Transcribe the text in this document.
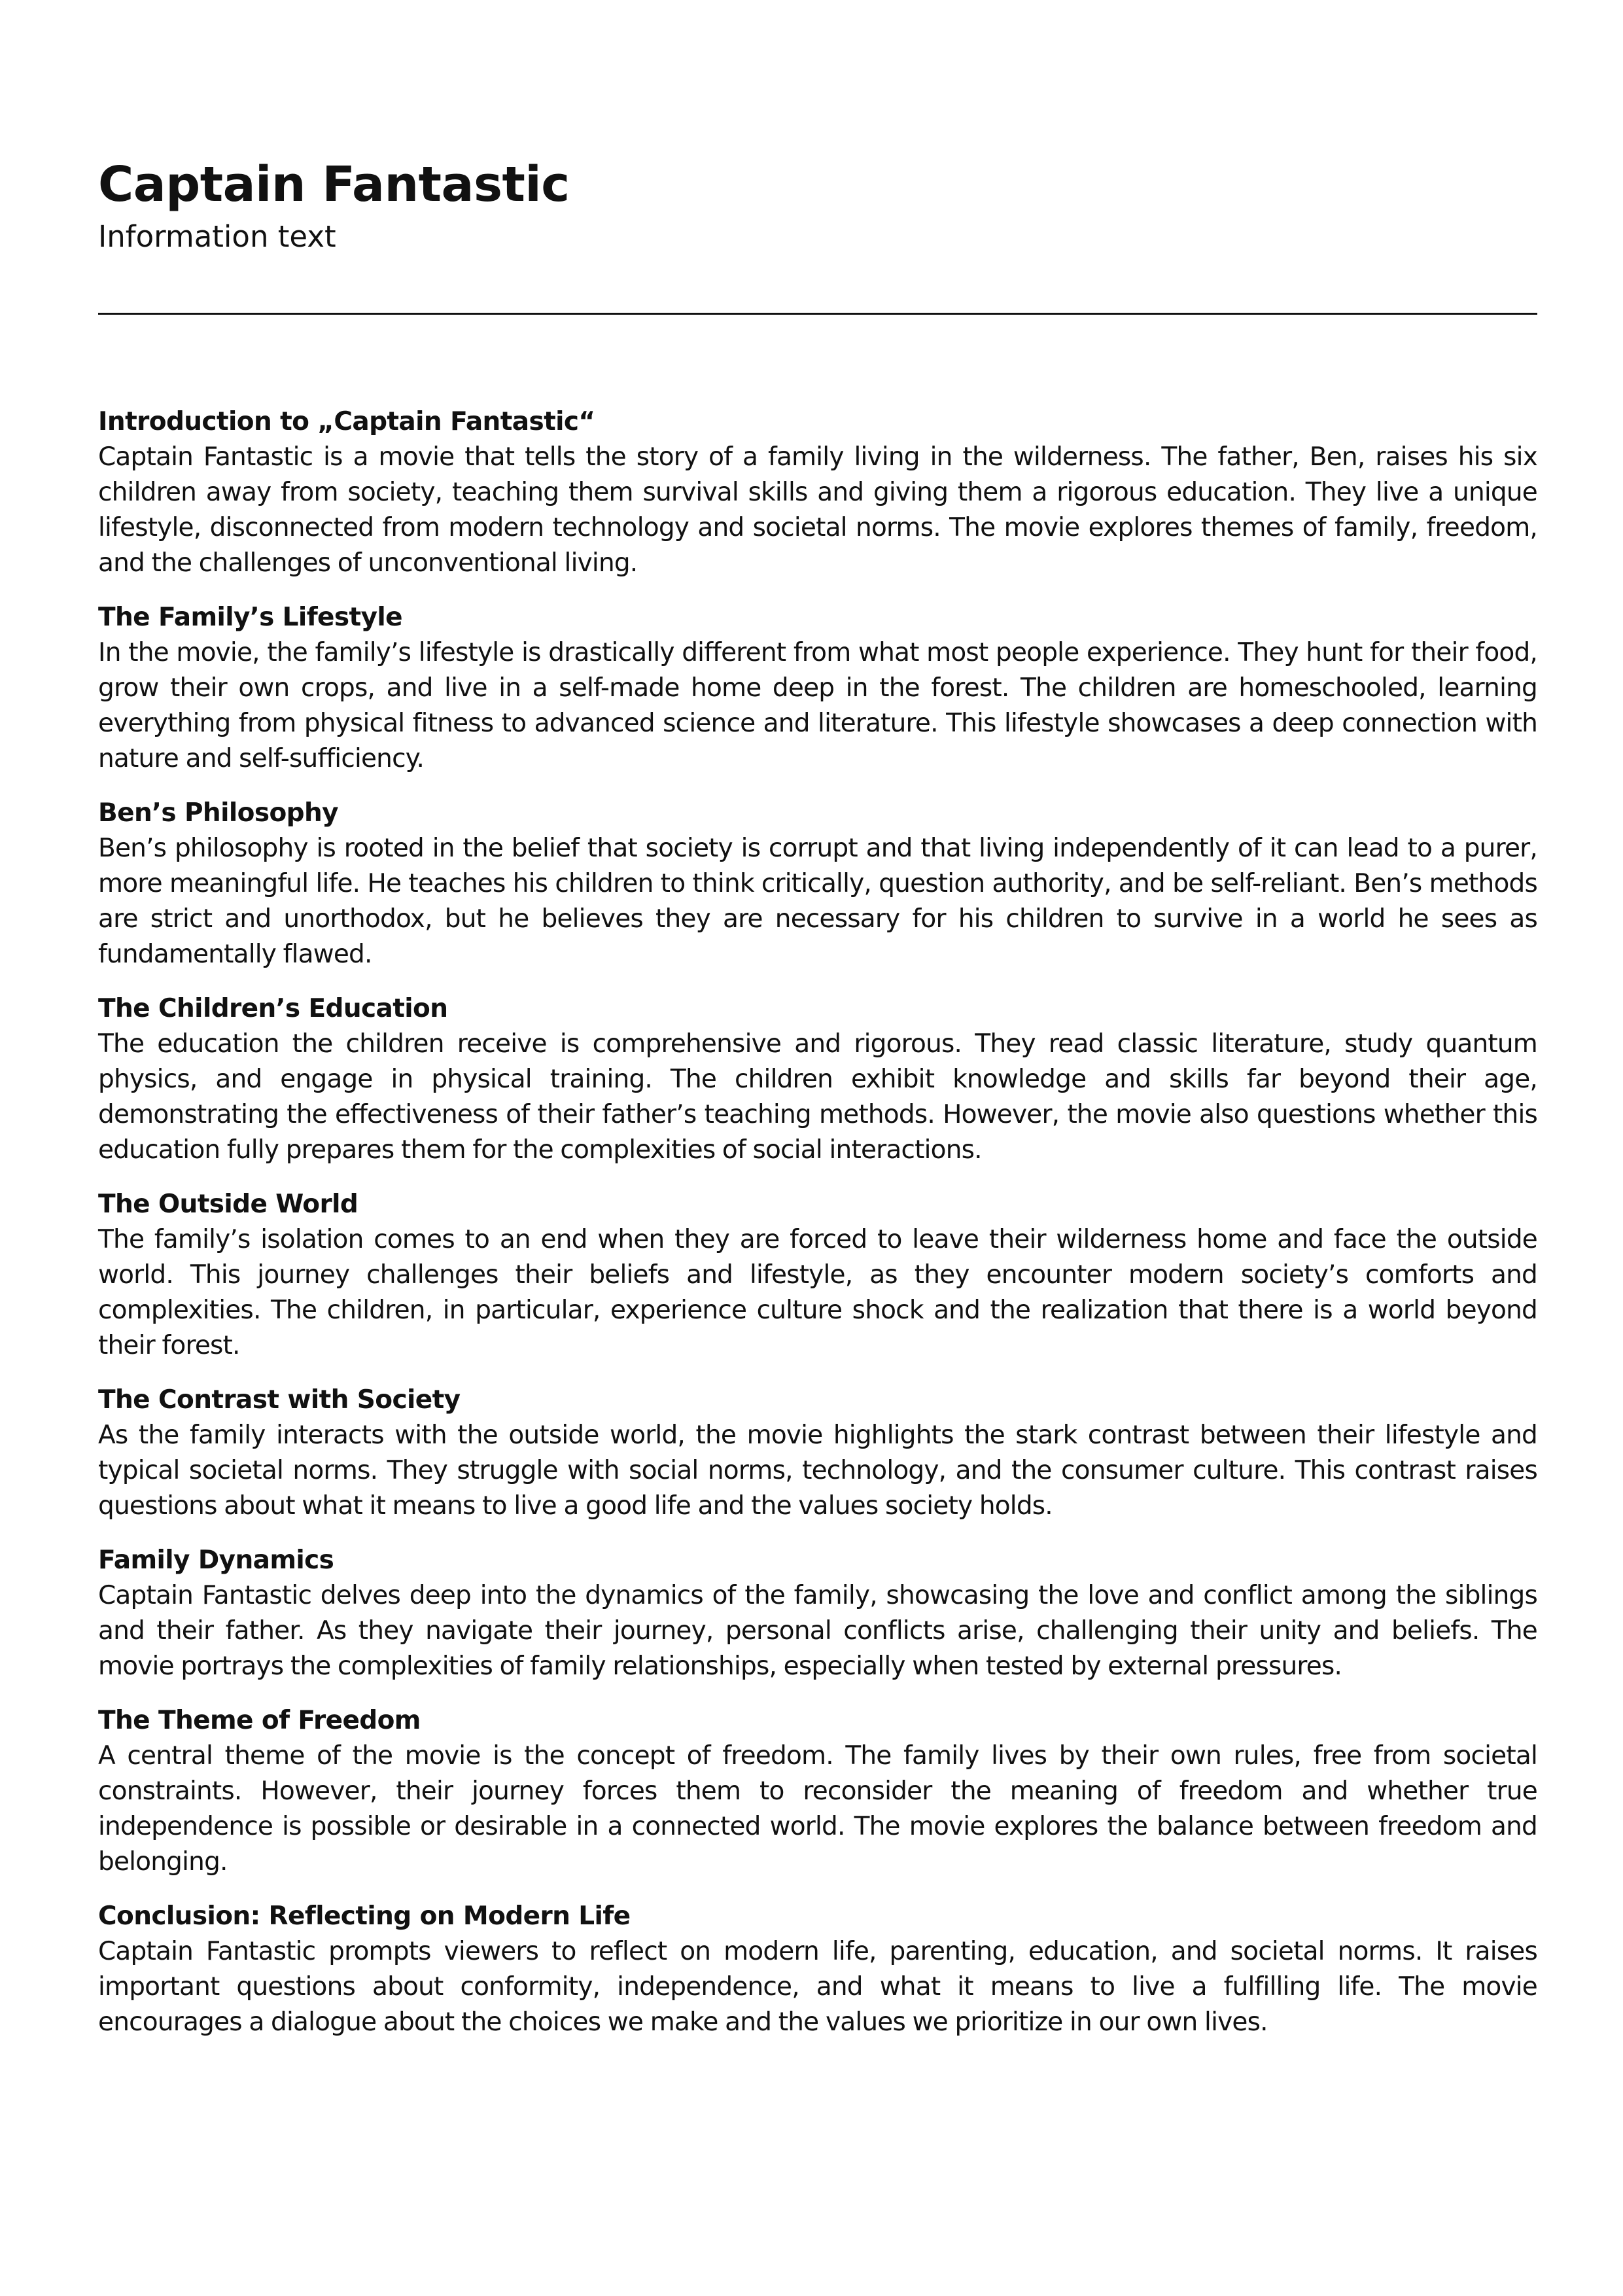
Captain Fantastic

Information text

Introduction to „Captain Fantastic“

Captain Fantastic is a movie that tells the story of a family living in the wilderness. The father, Ben, raises his six children away from society, teaching them survival skills and giving them a rigorous education. They live a unique lifestyle, disconnected from modern technology and societal norms. The movie explores themes of family, freedom, and the challenges of unconventional living.

The Family’s Lifestyle

In the movie, the family’s lifestyle is drastically different from what most people experience. They hunt for their food, grow their own crops, and live in a self-made home deep in the forest. The children are homeschooled, learning everything from physical fitness to advanced science and literature. This lifestyle showcases a deep connection with nature and self-sufficiency.

Ben’s Philosophy

Ben’s philosophy is rooted in the belief that society is corrupt and that living independently of it can lead to a purer, more meaningful life. He teaches his children to think critically, question authority, and be self-reliant. Ben’s methods are strict and unorthodox, but he believes they are necessary for his children to survive in a world he sees as fundamentally flawed.

The Children’s Education

The education the children receive is comprehensive and rigorous. They read classic literature, study quantum physics, and engage in physical training. The children exhibit knowledge and skills far beyond their age, demonstrating the effectiveness of their father’s teaching methods. However, the movie also questions whether this education fully prepares them for the complexities of social interactions.

The Outside World

The family’s isolation comes to an end when they are forced to leave their wilderness home and face the outside world. This journey challenges their beliefs and lifestyle, as they encounter modern society’s comforts and complexities. The children, in particular, experience culture shock and the realization that there is a world beyond their forest.

The Contrast with Society

As the family interacts with the outside world, the movie highlights the stark contrast between their lifestyle and typical societal norms. They struggle with social norms, technology, and the consumer culture. This contrast raises questions about what it means to live a good life and the values society holds.

Family Dynamics

Captain Fantastic delves deep into the dynamics of the family, showcasing the love and conflict among the siblings and their father. As they navigate their journey, personal conflicts arise, challenging their unity and beliefs. The movie portrays the complexities of family relationships, especially when tested by external pressures.

The Theme of Freedom

A central theme of the movie is the concept of freedom. The family lives by their own rules, free from societal constraints. However, their journey forces them to reconsider the meaning of freedom and whether true independence is possible or desirable in a connected world. The movie explores the balance between freedom and belonging.

Conclusion: Reflecting on Modern Life

Captain Fantastic prompts viewers to reflect on modern life, parenting, education, and societal norms. It raises important questions about conformity, independence, and what it means to live a fulfilling life. The movie encourages a dialogue about the choices we make and the values we prioritize in our own lives.
